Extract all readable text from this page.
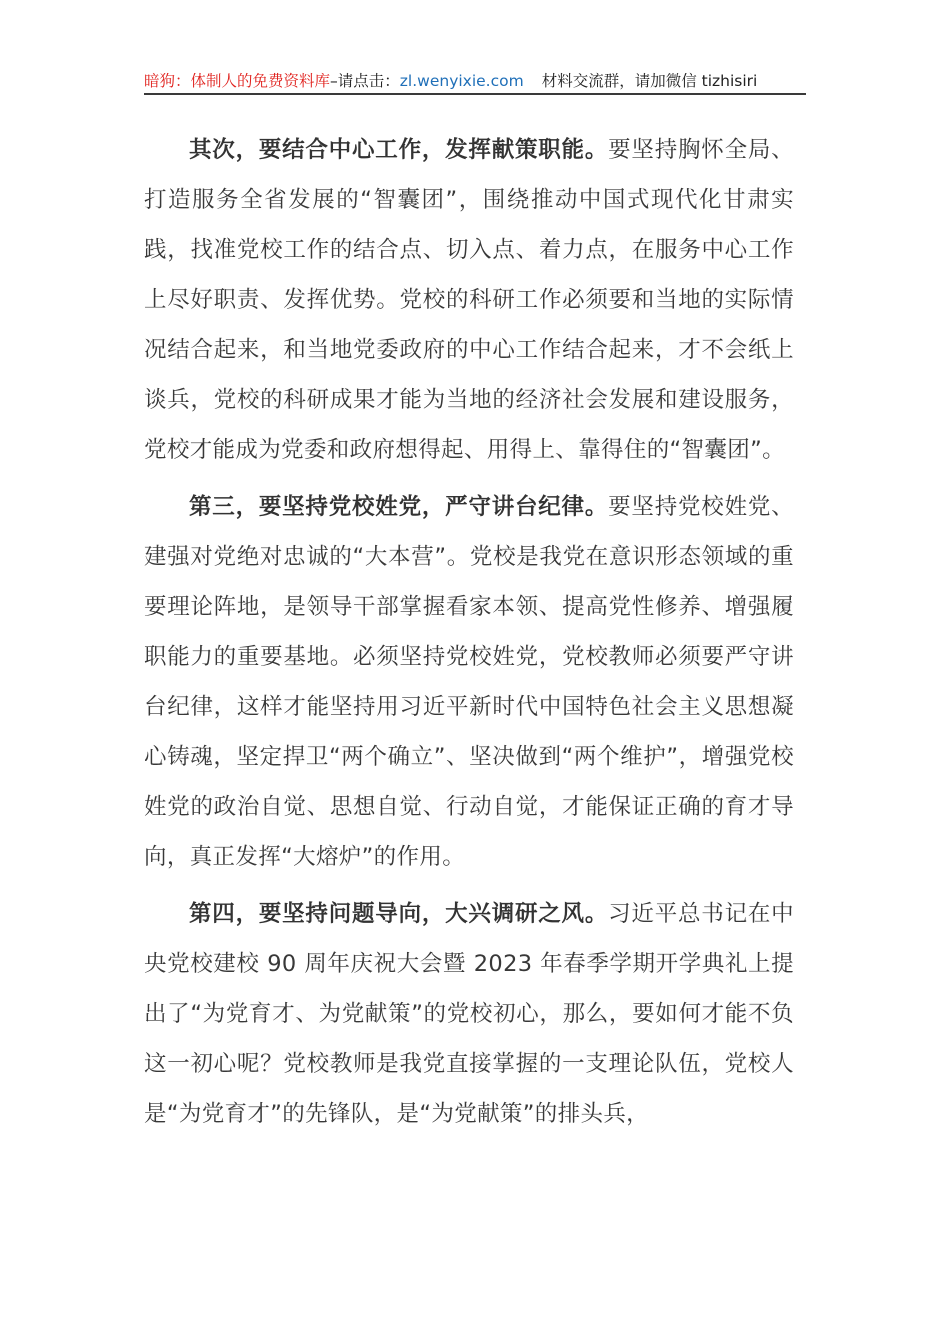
暗狗：体制人的免费资料库–请点击：zl.wenyixie.com 材料交流群，请加微信 tizhisiri

其次，要结合中心工作，发挥献策职能。要坚持胸怀全局、打造服务全省发展的“智囊团”，围绕推动中国式现代化甘肃实践，找准党校工作的结合点、切入点、着力点，在服务中心工作上尽好职责、发挥优势。党校的科研工作必须要和当地的实际情况结合起来，和当地党委政府的中心工作结合起来，才不会纸上谈兵，党校的科研成果才能为当地的经济社会发展和建设服务，党校才能成为党委和政府想得起、用得上、靠得住的“智囊团”。

第三，要坚持党校姓党，严守讲台纪律。要坚持党校姓党、建强对党绝对忠诚的“大本营”。党校是我党在意识形态领域的重要理论阵地，是领导干部掌握看家本领、提高党性修养、增强履职能力的重要基地。必须坚持党校姓党，党校教师必须要严守讲台纪律，这样才能坚持用习近平新时代中国特色社会主义思想凝心铸魂，坚定捍卫“两个确立”、坚决做到“两个维护”，增强党校姓党的政治自觉、思想自觉、行动自觉，才能保证正确的育才导向，真正发挥“大熔炉”的作用。

第四，要坚持问题导向，大兴调研之风。习近平总书记在中央党校建校 90 周年庆祝大会暨 2023 年春季学期开学典礼上提出了“为党育才、为党献策”的党校初心，那么，要如何才能不负这一初心呢？党校教师是我党直接掌握的一支理论队伍，党校人是“为党育才”的先锋队，是“为党献策”的排头兵，
